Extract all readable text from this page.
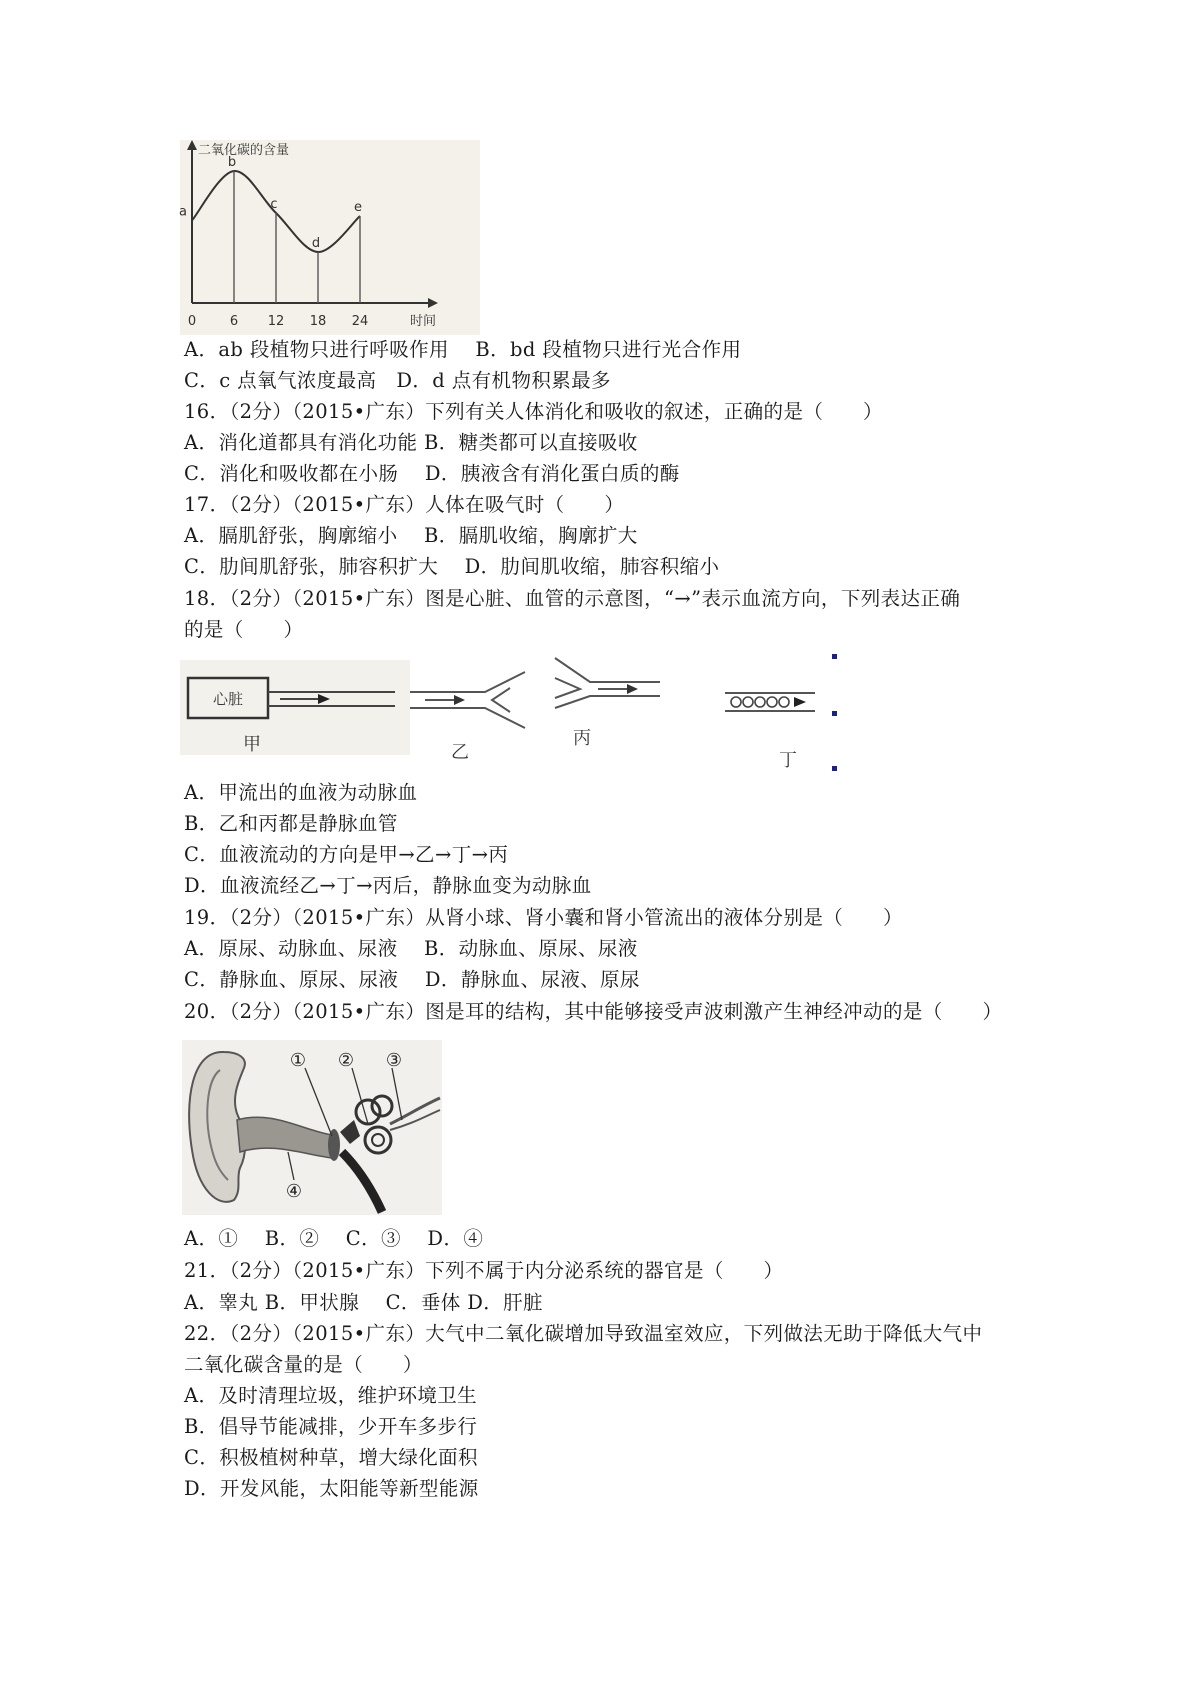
二氧化碳的含量
时间
0	6 12 18 24
a
b
c
d
e
A．ab 段植物只进行呼吸作用　 B．bd 段植物只进行光合作用
C．c 点氧气浓度最高　D．d 点有机物积累最多
16．（2分）（2015•广东）下列有关人体消化和吸收的叙述，正确的是（　　）
A．消化道都具有消化功能 B．糖类都可以直接吸收
C．消化和吸收都在小肠　 D．胰液含有消化蛋白质的酶
17．（2分）（2015•广东）人体在吸气时（　　）
A．膈肌舒张，胸廓缩小　 B．膈肌收缩，胸廓扩大
C．肋间肌舒张，肺容积扩大　 D．肋间肌收缩，肺容积缩小
18．（2分）（2015•广东）图是心脏、血管的示意图，“→”表示血流方向，下列表达正确
的是（　　）
心脏
甲	乙
丙
丁
A．甲流出的血液为动脉血
B．乙和丙都是静脉血管
C．血液流动的方向是甲→乙→丁→丙
D．血液流经乙→丁→丙后，静脉血变为动脉血
19．（2分）（2015•广东）从肾小球、肾小囊和肾小管流出的液体分别是（　　）
A．原尿、动脉血、尿液　 B．动脉血、原尿、尿液
C．静脉血、原尿、尿液　 D．静脉血、尿液、原尿
20．（2分）（2015•广东）图是耳的结构，其中能够接受声波刺激产生神经冲动的是（　　）
① ② ③
④
A．①　 B．②　 C．③　 D．④
21．（2分）（2015•广东）下列不属于内分泌系统的器官是（　　）
A．睾丸 B．甲状腺　 C．垂体 D．肝脏
22．（2分）（2015•广东）大气中二氧化碳增加导致温室效应，下列做法无助于降低大气中
二氧化碳含量的是（　　）
A．及时清理垃圾，维护环境卫生
B．倡导节能减排，少开车多步行
C．积极植树种草，增大绿化面积
D．开发风能，太阳能等新型能源
